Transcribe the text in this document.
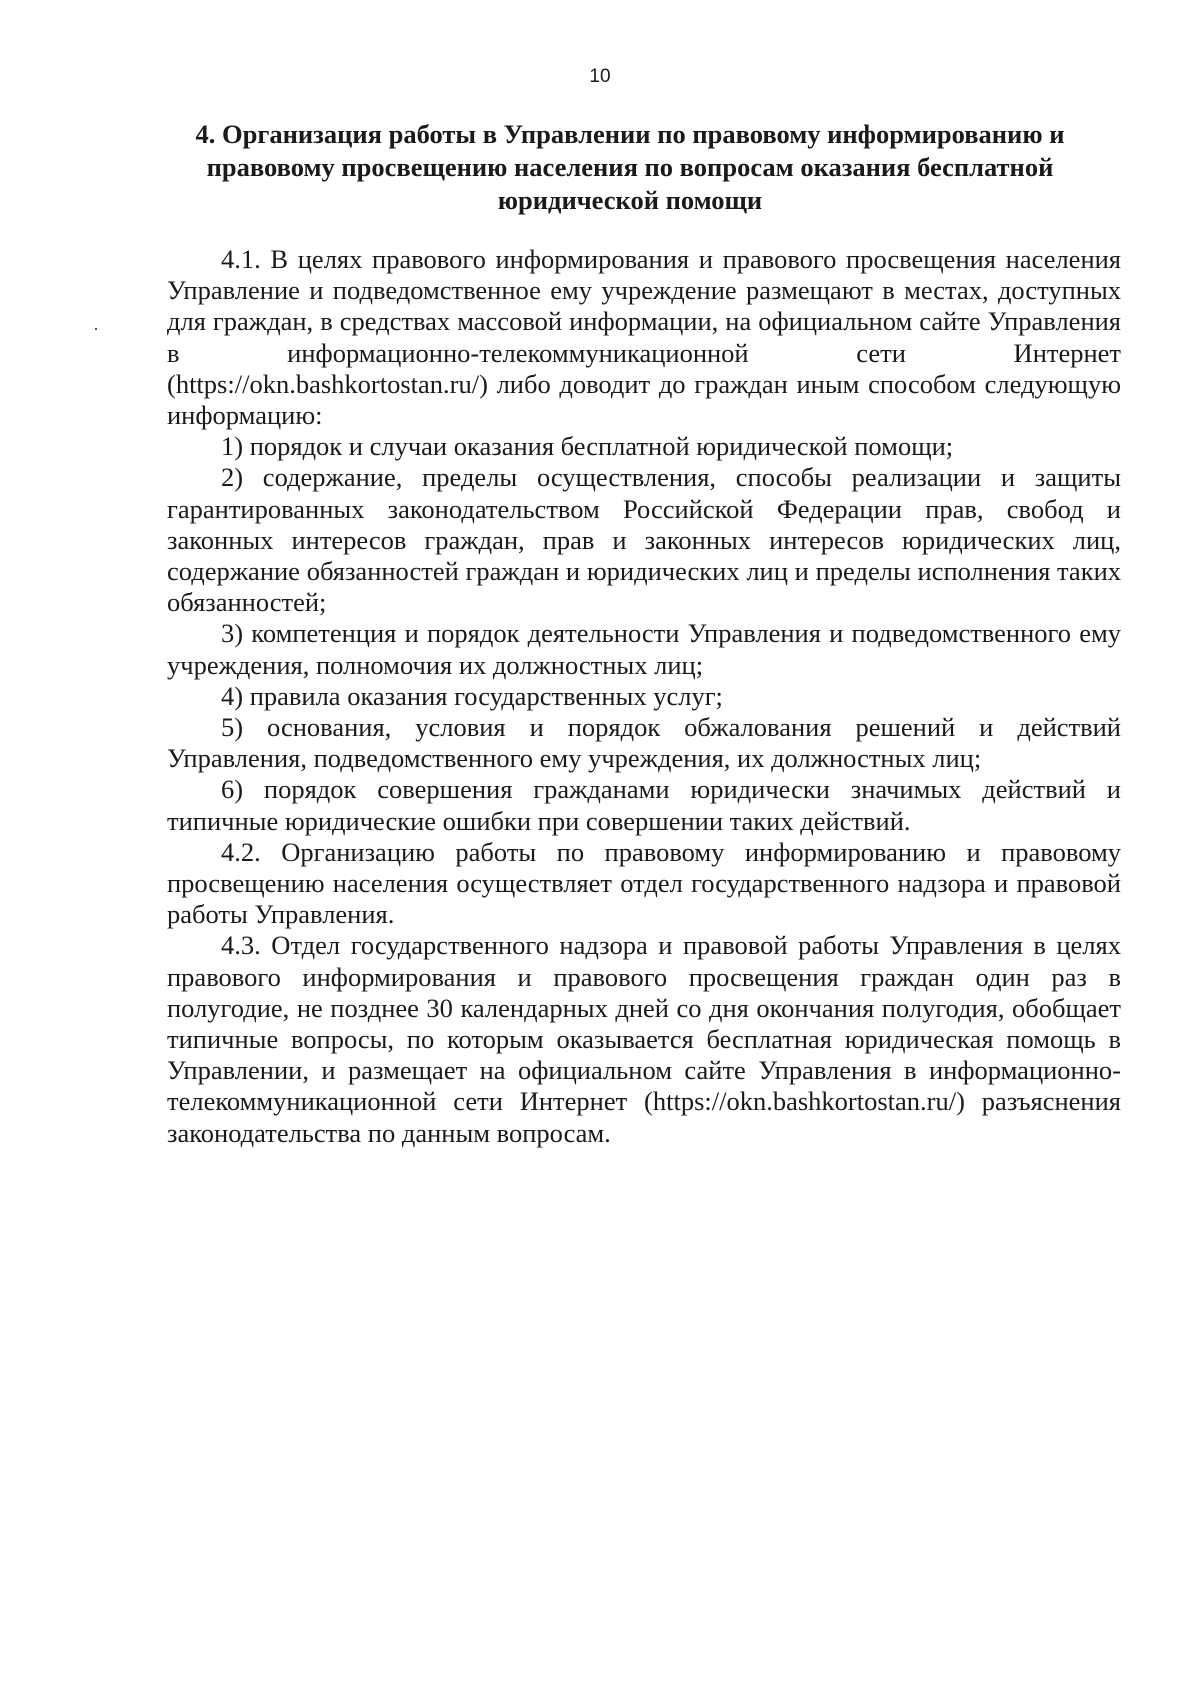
10
4. Организация работы в Управлении по правовому информированию и правовому просвещению населения по вопросам оказания бесплатной юридической помощи

4.1. В целях правового информирования и правового просвещения населения Управление и подведомственное ему учреждение размещают в местах, доступных для граждан, в средствах массовой информации, на официальном сайте Управления в информационно-телекоммуникационной сети Интернет (https://okn.bashkortostan.ru/) либо доводит до граждан иным способом следующую информацию:

1) порядок и случаи оказания бесплатной юридической помощи;

2) содержание, пределы осуществления, способы реализации и защиты гарантированных законодательством Российской Федерации прав, свобод и законных интересов граждан, прав и законных интересов юридических лиц, содержание обязанностей граждан и юридических лиц и пределы исполнения таких обязанностей;

3) компетенция и порядок деятельности Управления и подведомственного ему учреждения, полномочия их должностных лиц;

4) правила оказания государственных услуг;

5) основания, условия и порядок обжалования решений и действий Управления, подведомственного ему учреждения, их должностных лиц;

6) порядок совершения гражданами юридически значимых действий и типичные юридические ошибки при совершении таких действий.

4.2. Организацию работы по правовому информированию и правовому просвещению населения осуществляет отдел государственного надзора и правовой работы Управления.

4.3. Отдел государственного надзора и правовой работы Управления в целях правового информирования и правового просвещения граждан один раз в полугодие, не позднее 30 календарных дней со дня окончания полугодия, обобщает типичные вопросы, по которым оказывается бесплатная юридическая помощь в Управлении, и размещает на официальном сайте Управления в информационно-телекоммуникационной сети Интернет (https://okn.bashkortostan.ru/) разъяснения законодательства по данным вопросам.
